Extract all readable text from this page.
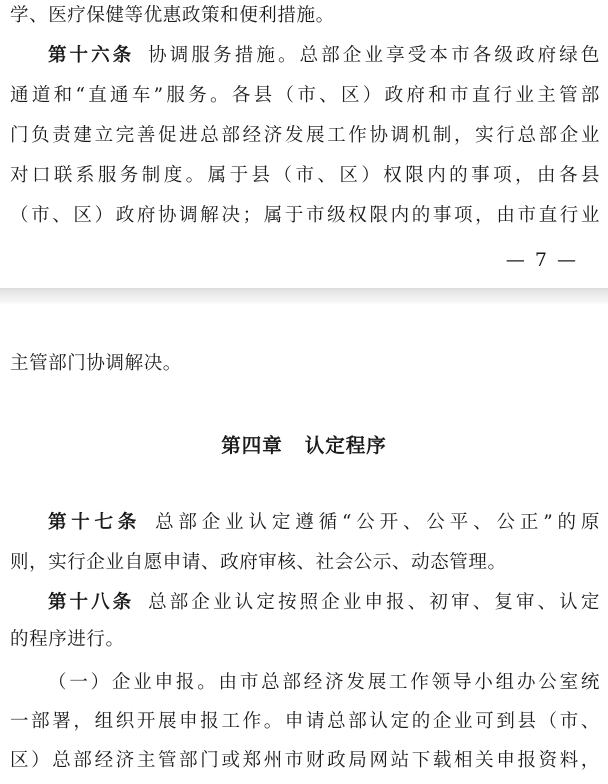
学、医疗保健等优惠政策和便利措施。
第十六条 协调服务措施。总部企业享受本市各级政府绿色
通道和“直通车”服务。各县（市、区）政府和市直行业主管部
门负责建立完善促进总部经济发展工作协调机制，实行总部企业
对口联系服务制度。属于县（市、区）权限内的事项，由各县
（市、区）政府协调解决；属于市级权限内的事项，由市直行业
— 7 —
主管部门协调解决。
第四章 认定程序
第十七条 总部企业认定遵循“公开、公平、公正”的原
则，实行企业自愿申请、政府审核、社会公示、动态管理。
第十八条 总部企业认定按照企业申报、初审、复审、认定
的程序进行。
（一）企业申报。由市总部经济发展工作领导小组办公室统
一部署，组织开展申报工作。申请总部认定的企业可到县（市、
区）总部经济主管部门或郑州市财政局网站下载相关申报资料，
